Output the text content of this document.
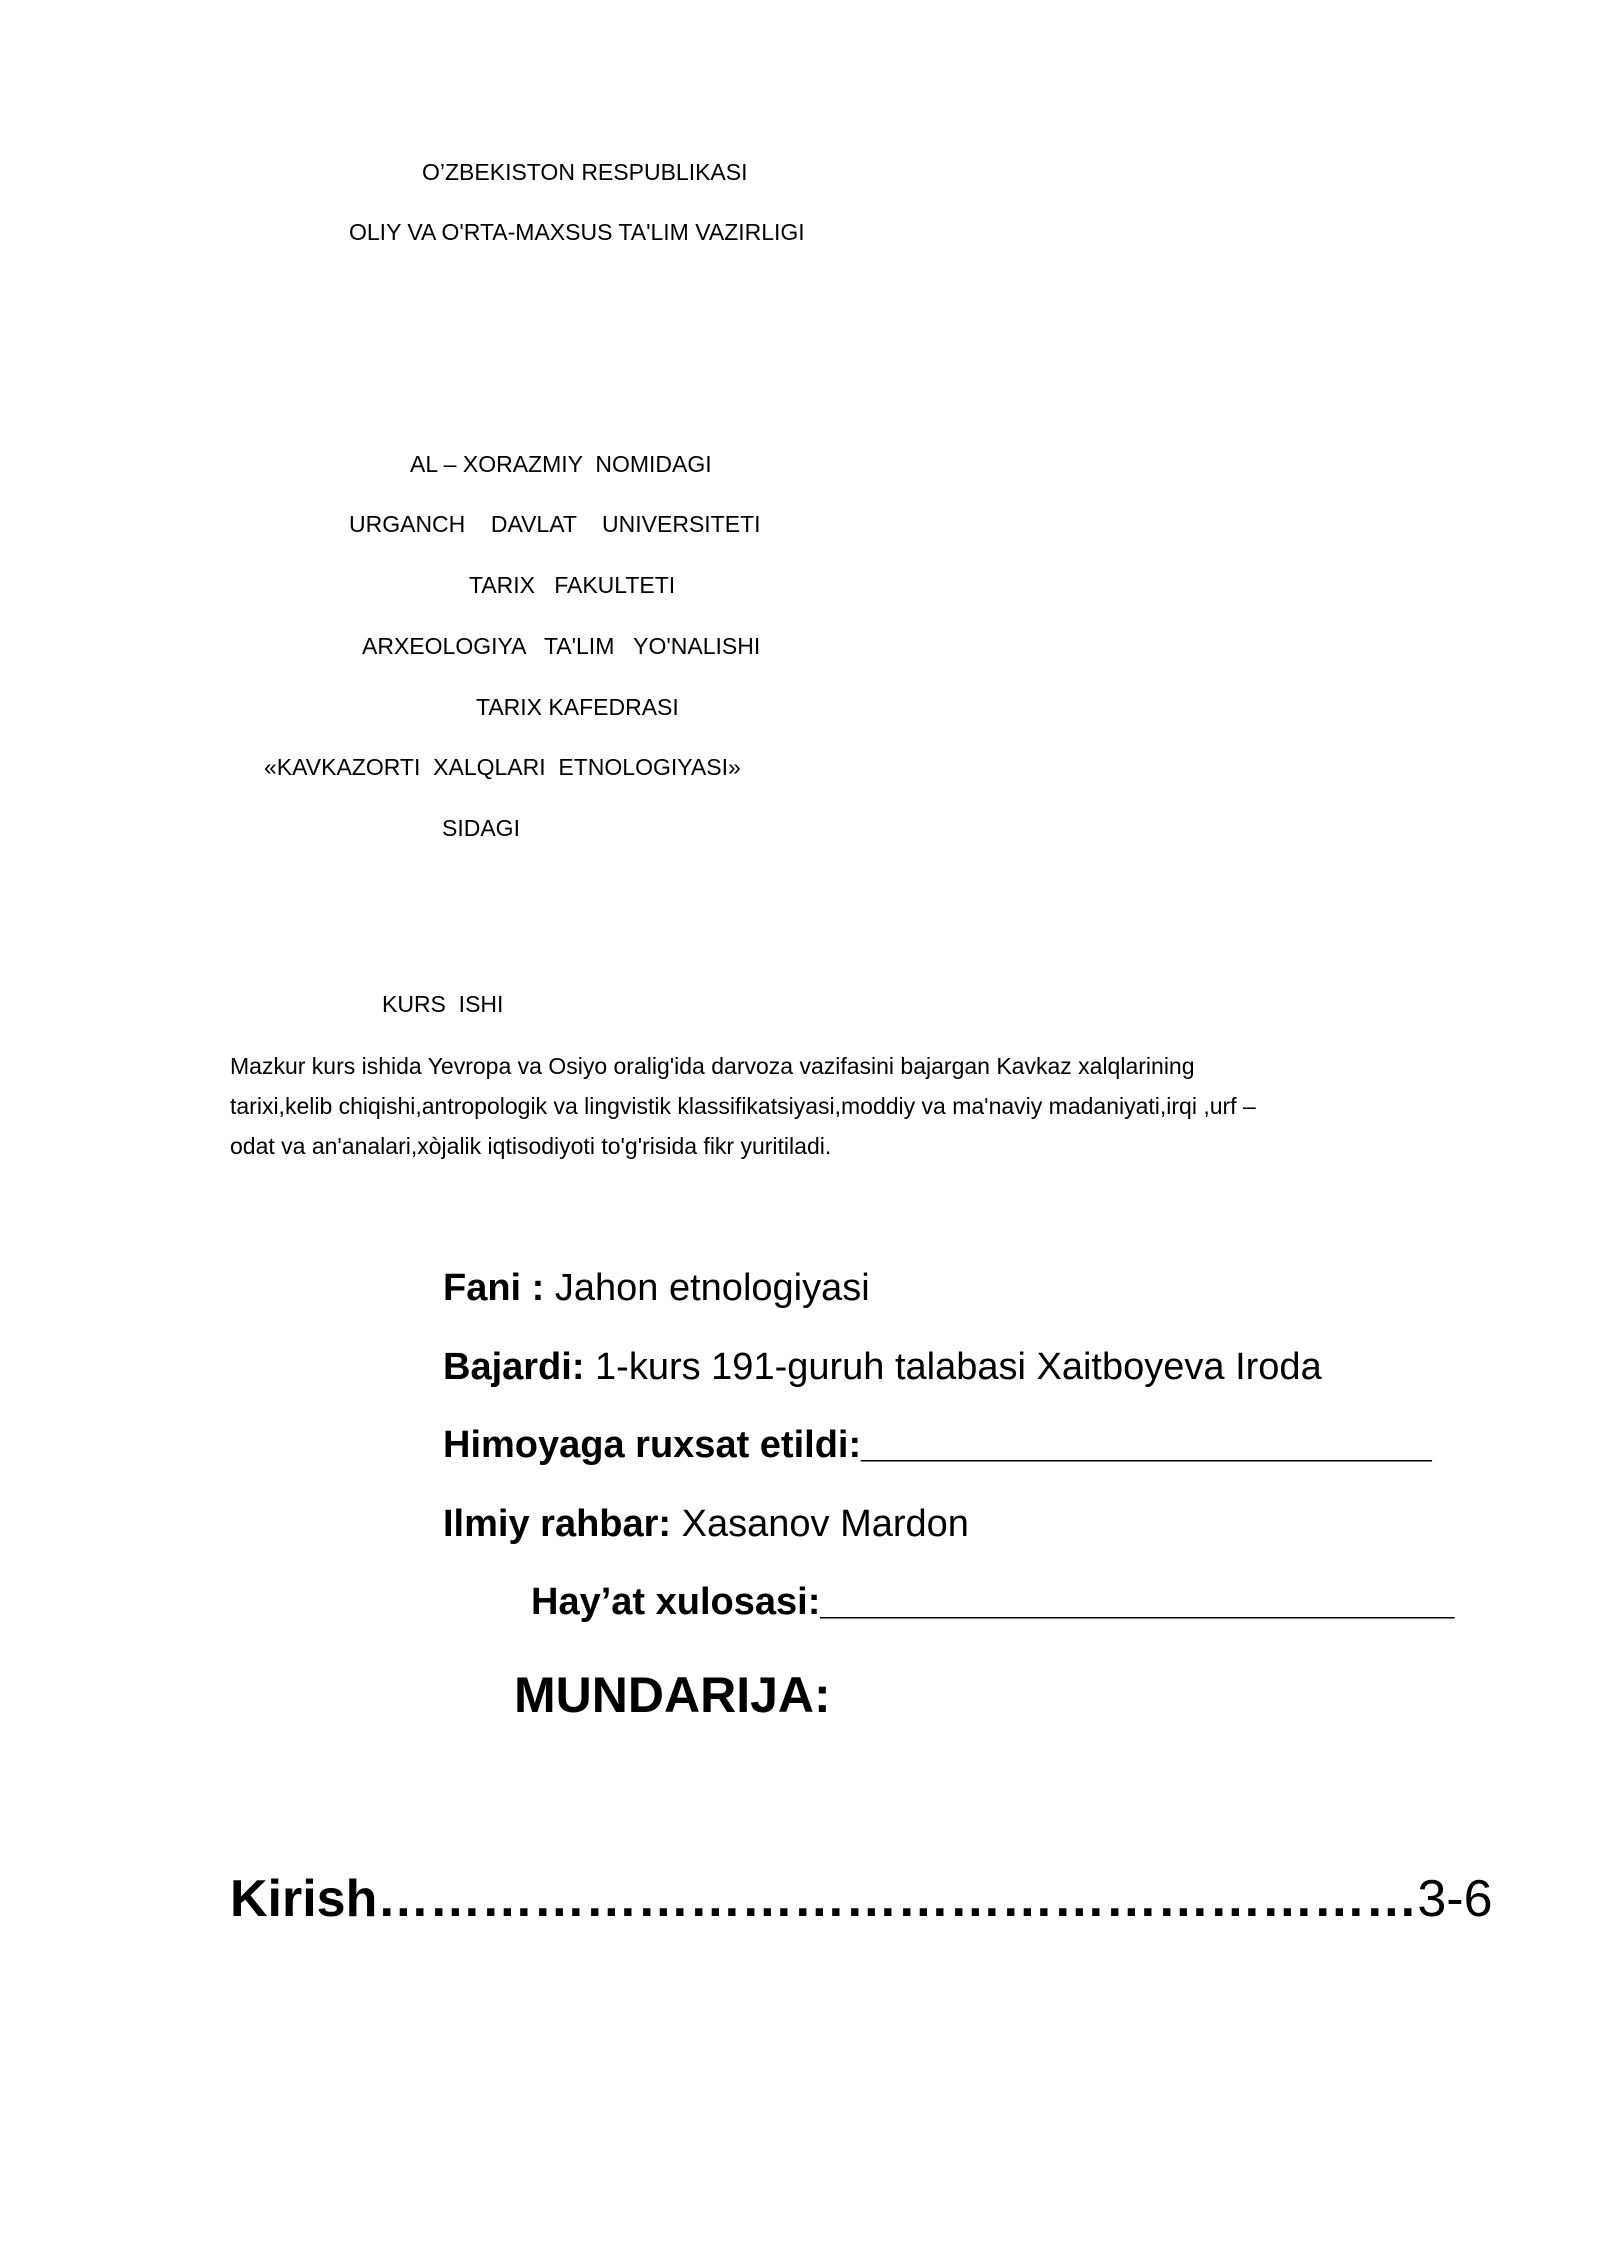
O’ZBEKISTON RESPUBLIKASI
OLIY VA O'RTA-MAXSUS TA'LIM VAZIRLIGI
AL – XORAZMIY  NOMIDAGI
URGANCH    DAVLAT    UNIVERSITETI
TARIX   FAKULTETI
ARXEOLOGIYA   TA'LIM   YO'NALISHI
TARIX KAFEDRASI
«KAVKAZORTI  XALQLARI  ETNOLOGIYASI»
SIDAGI
KURS  ISHI

Mazkur kurs ishida Yevropa va Osiyo oralig'ida darvoza vazifasini bajargan Kavkaz xalqlarining

tarixi,kelib chiqishi,antropologik va lingvistik klassifikatsiyasi,moddiy va ma'naviy madaniyati,irqi ,urf –

odat va an'analari,xòjalik iqtisodiyoti to'g'risida fikr yuritiladi.

Fani : Jahon etnologiyasi
Bajardi: 1-kurs 191-guruh talabasi Xaitboyeva Iroda
Himoyaga ruxsat etildi:___________________________
Ilmiy rahbar: Xasanov Mardon
Hay’at xulosasi:______________________________
MUNDARIJA:
Kirish……………………………………………………3-6
